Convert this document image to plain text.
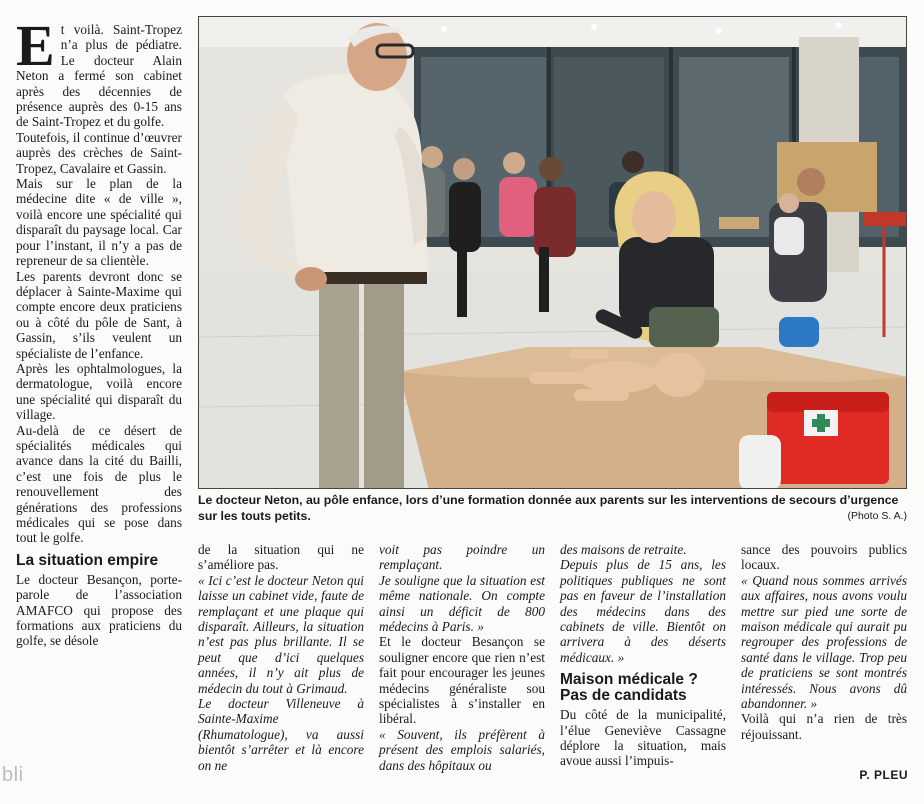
Et voilà. Saint-Tropez n’a plus de pédiatre. Le docteur Alain Neton a fermé son cabinet après des décennies de présence auprès des 0-15 ans de Saint-Tropez et du golfe.

Toutefois, il continue d’œuvrer auprès des crèches de Saint-Tropez, Cavalaire et Gassin.

Mais sur le plan de la médecine dite « de ville », voilà encore une spécialité qui disparaît du paysage local. Car pour l’instant, il n’y a pas de repreneur de sa clientèle.

Les parents devront donc se déplacer à Sainte-Maxime qui compte encore deux praticiens ou à côté du pôle de Sant, à Gassin, s’ils veulent un spécialiste de l’enfance.

Après les ophtalmologues, la dermatologue, voilà encore une spécialité qui disparaît du village.

Au-delà de ce désert de spécialités médicales qui avance dans la cité du Bailli, c’est une fois de plus le renouvellement des générations des professions médicales qui se pose dans tout le golfe.

La situation empire

Le docteur Besançon, porte-parole de l’association AMAFCO qui propose des formations aux praticiens du golfe, se désole

Le docteur Neton, au pôle enfance, lors d’une formation donnée aux parents sur les interventions de secours d’urgence sur les touts petits.	(Photo S. A.)

de la situation qui ne s’améliore pas.

« Ici c’est le docteur Neton qui laisse un cabinet vide, faute de remplaçant et une plaque qui disparaît. Ailleurs, la situation n’est pas plus brillante. Il se peut que d’ici quelques années, il n’y ait plus de médecin du tout à Grimaud.

Le docteur Villeneuve à Sainte-Maxime (Rhumatologue), va aussi bientôt s’arrêter et là encore on ne

voit pas poindre un remplaçant.

Je souligne que la situation est même nationale. On compte ainsi un déficit de 800 médecins à Paris. »

Et le docteur Besançon se souligner encore que rien n’est fait pour encourager les jeunes médecins généraliste sou spécialistes à s’installer en libéral.

« Souvent, ils préfèrent à présent des emplois salariés, dans des hôpitaux ou

des maisons de retraite.

Depuis plus de 15 ans, les politiques publiques ne sont pas en faveur de l’installation des médecins dans des cabinets de ville. Bientôt on arrivera à des déserts médicaux. »

Maison médicale ? Pas de candidats

Du côté de la municipalité, l’élue Geneviève Cassagne déplore la situation, mais avoue aussi l’impuis-

sance des pouvoirs publics locaux.

« Quand nous sommes arrivés aux affaires, nous avons voulu mettre sur pied une sorte de maison médicale qui aurait pu regrouper des professions de santé dans le village. Trop peu de praticiens se sont montrés intéressés. Nous avons dû abandonner. »

Voilà qui n’a rien de très réjouissant.

P. PLEU
bli
